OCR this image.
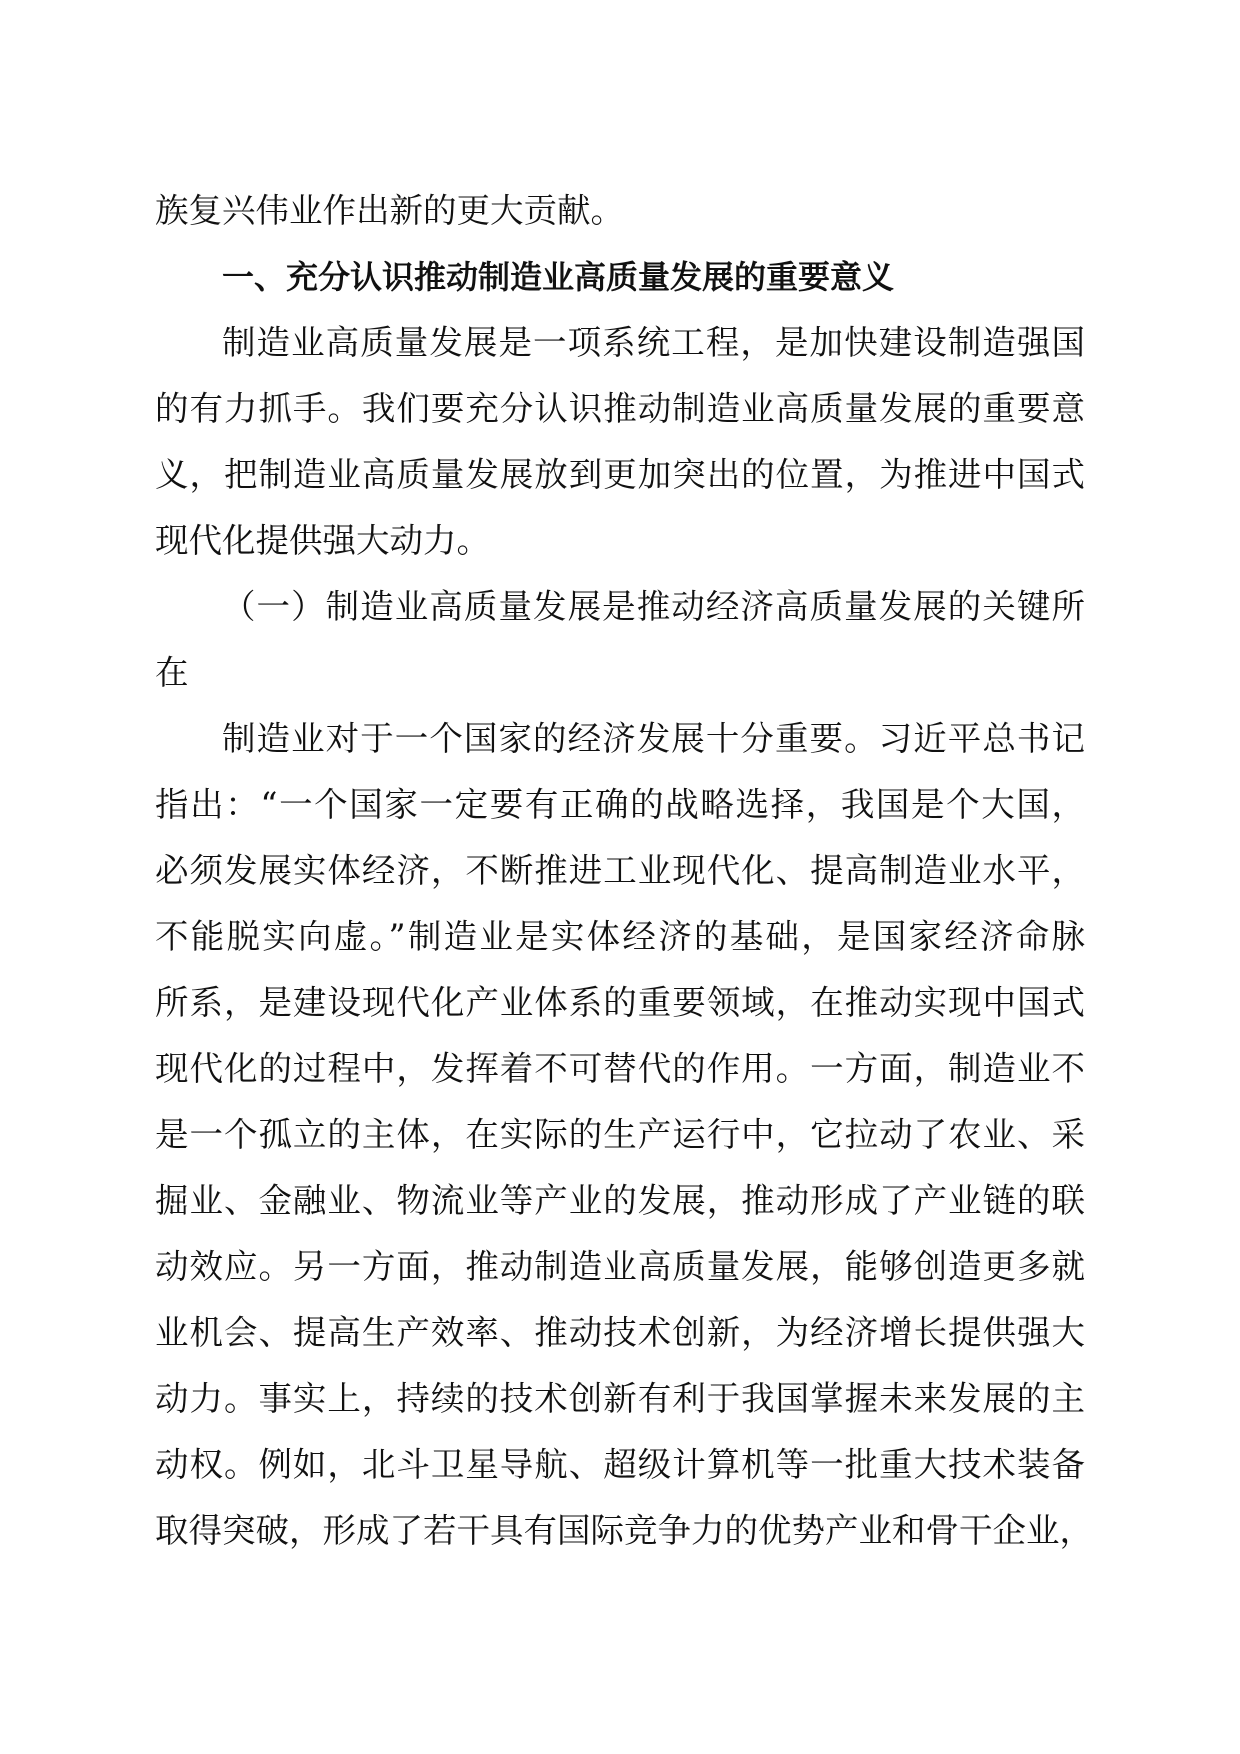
族复兴伟业作出新的更大贡献。
一、充分认识推动制造业高质量发展的重要意义
制造业高质量发展是一项系统工程，是加快建设制造强国
的有力抓手。我们要充分认识推动制造业高质量发展的重要意
义，把制造业高质量发展放到更加突出的位置，为推进中国式
现代化提供强大动力。
（一）制造业高质量发展是推动经济高质量发展的关键所
在
制造业对于一个国家的经济发展十分重要。习近平总书记
指出：“一个国家一定要有正确的战略选择，我国是个大国，
必须发展实体经济，不断推进工业现代化、提高制造业水平，
不能脱实向虚。”制造业是实体经济的基础，是国家经济命脉
所系，是建设现代化产业体系的重要领域，在推动实现中国式
现代化的过程中，发挥着不可替代的作用。一方面，制造业不
是一个孤立的主体，在实际的生产运行中，它拉动了农业、采
掘业、金融业、物流业等产业的发展，推动形成了产业链的联
动效应。另一方面，推动制造业高质量发展，能够创造更多就
业机会、提高生产效率、推动技术创新，为经济增长提供强大
动力。事实上，持续的技术创新有利于我国掌握未来发展的主
动权。例如，北斗卫星导航、超级计算机等一批重大技术装备
取得突破，形成了若干具有国际竞争力的优势产业和骨干企业，
